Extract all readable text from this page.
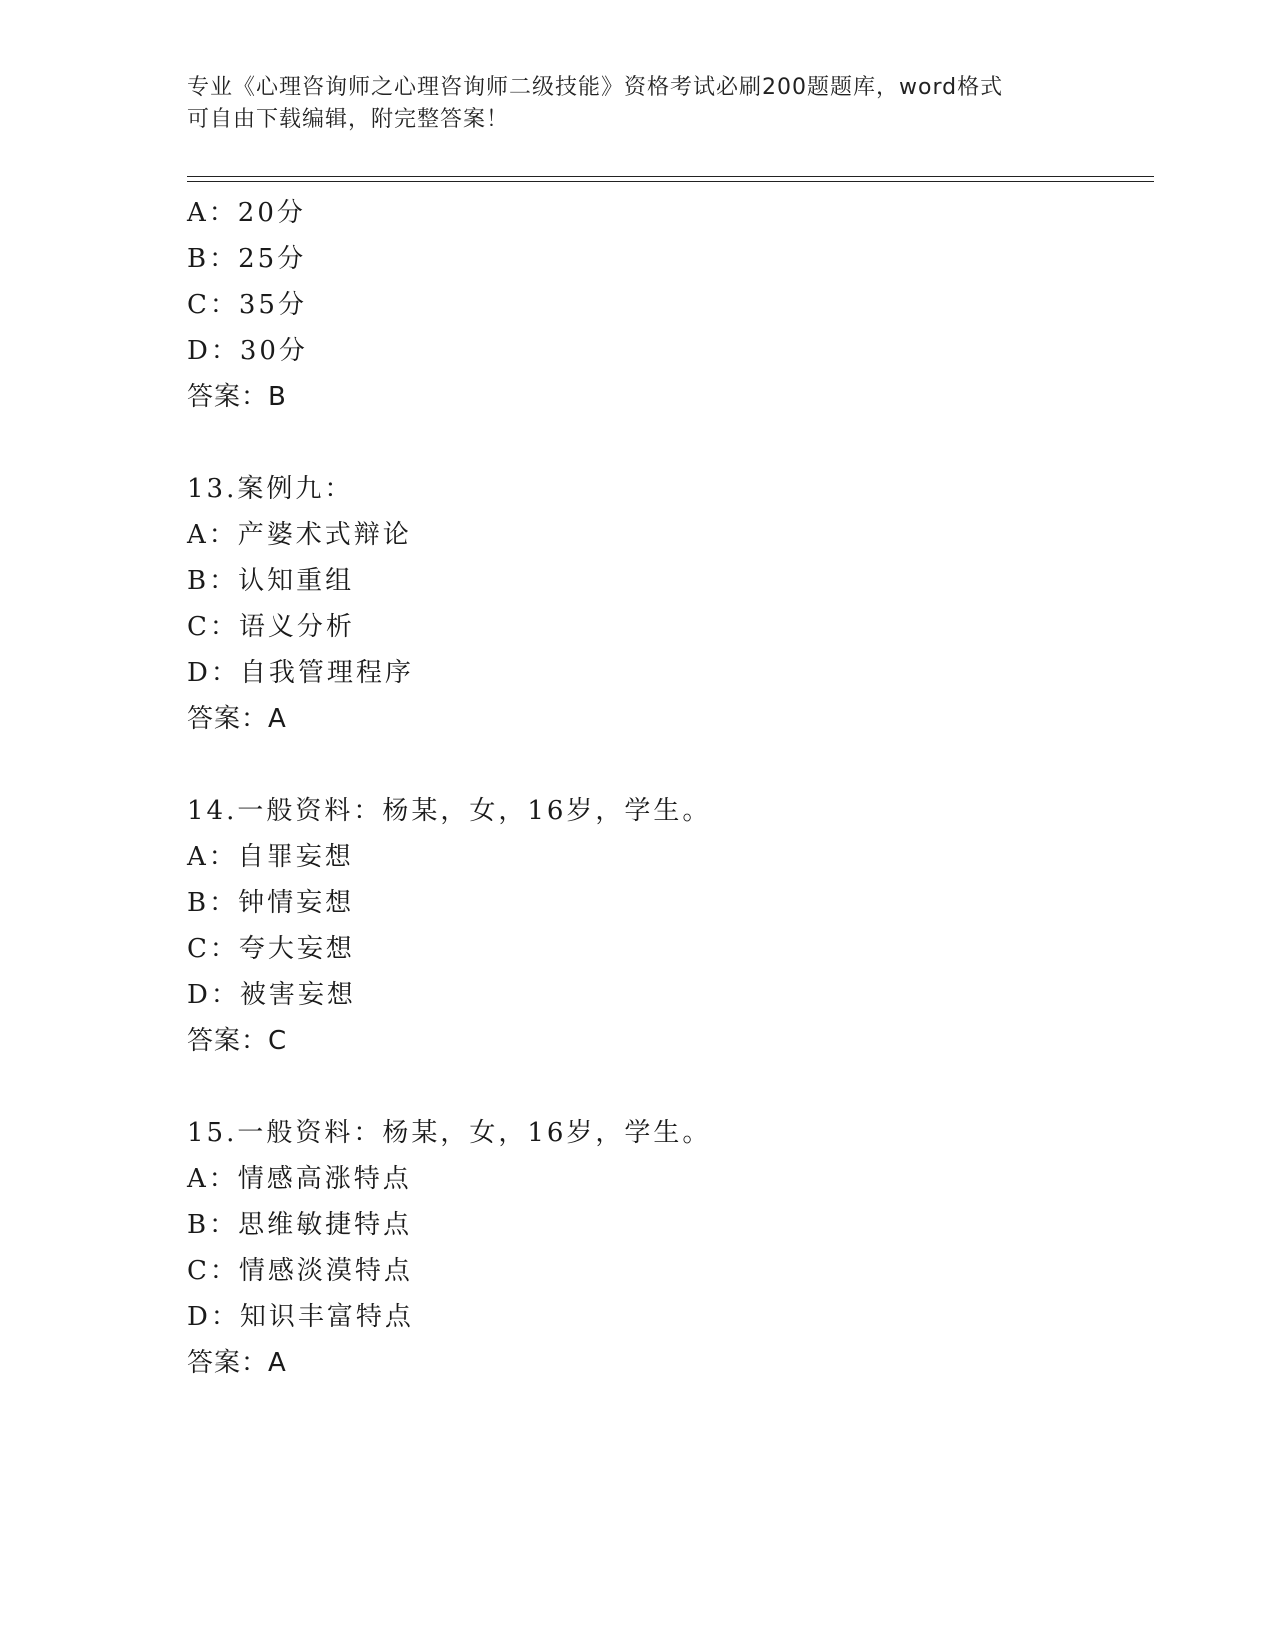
专业《心理咨询师之心理咨询师二级技能》资格考试必刷200题题库，word格式
可自由下载编辑，附完整答案！
A：20分
B：25分
C：35分
D：30分
答案：B
13.案例九：
A：产婆术式辩论
B：认知重组
C：语义分析
D：自我管理程序
答案：A
14.一般资料：杨某，女，16岁，学生。
A：自罪妄想
B：钟情妄想
C：夸大妄想
D：被害妄想
答案：C
15.一般资料：杨某，女，16岁，学生。
A：情感高涨特点
B：思维敏捷特点
C：情感淡漠特点
D：知识丰富特点
答案：A
